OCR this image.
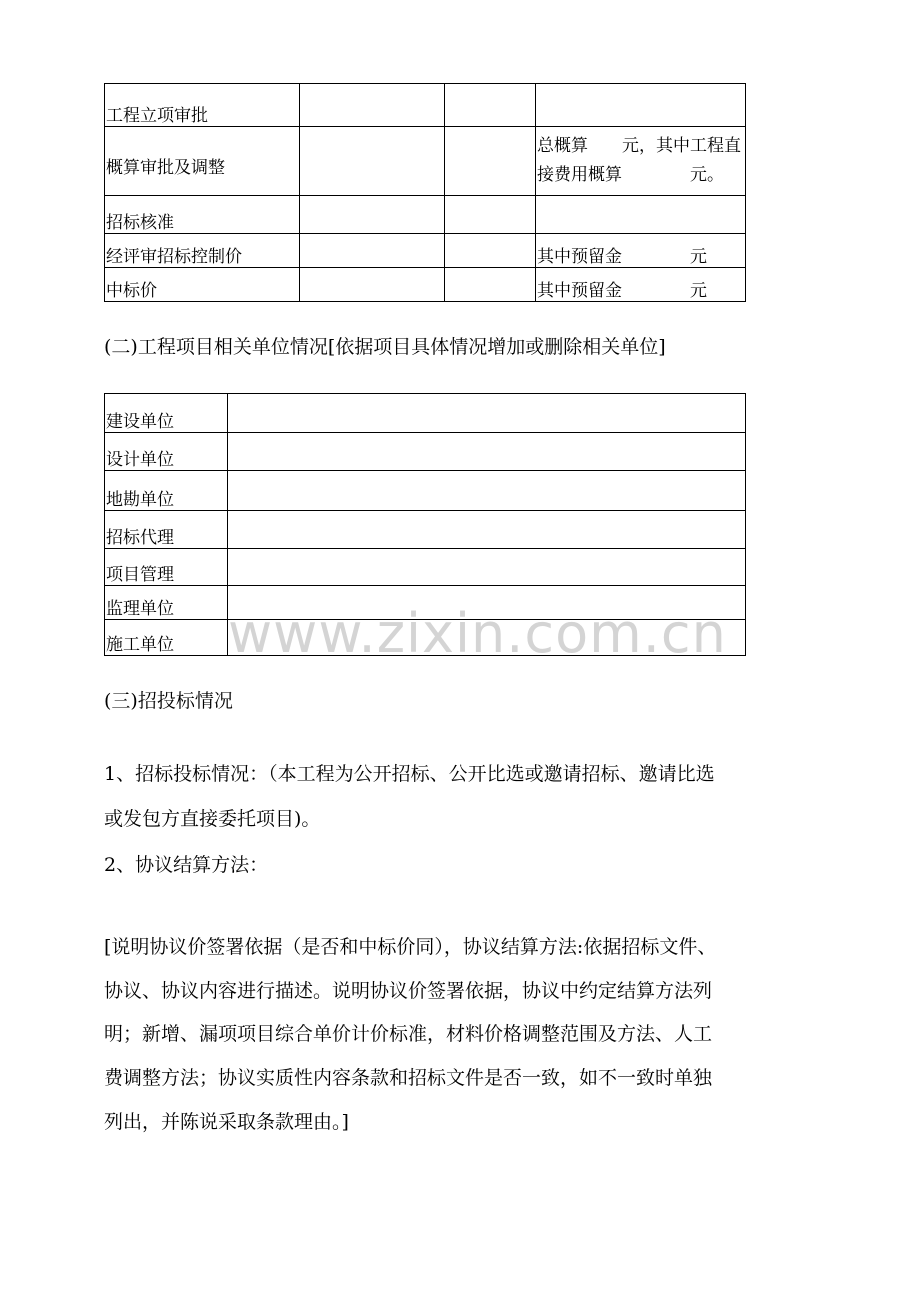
工程立项审批			
概算审批及调整			总概算　　元，其中工程直
接费用概算　　　　元。

招标核准			
经评审招标控制价			其中预留金　　　　元
中标价			其中预留金　　　　元
(二)工程项目相关单位情况[依据项目具体情况增加或删除相关单位]
建设单位	
设计单位	
地勘单位	
招标代理	
项目管理	
监理单位	
施工单位	www.zixin.com.cn
(三)招投标情况
1、招标投标情况：（本工程为公开招标、公开比选或邀请招标、邀请比选
或发包方直接委托项目)。
2、协议结算方法：
[说明协议价签署依据（是否和中标价同），协议结算方法:依据招标文件、
协议、协议内容进行描述。说明协议价签署依据，协议中约定结算方法列
明；新增、漏项项目综合单价计价标准，材料价格调整范围及方法、人工
费调整方法；协议实质性内容条款和招标文件是否一致，如不一致时单独
列出，并陈说采取条款理由。]
